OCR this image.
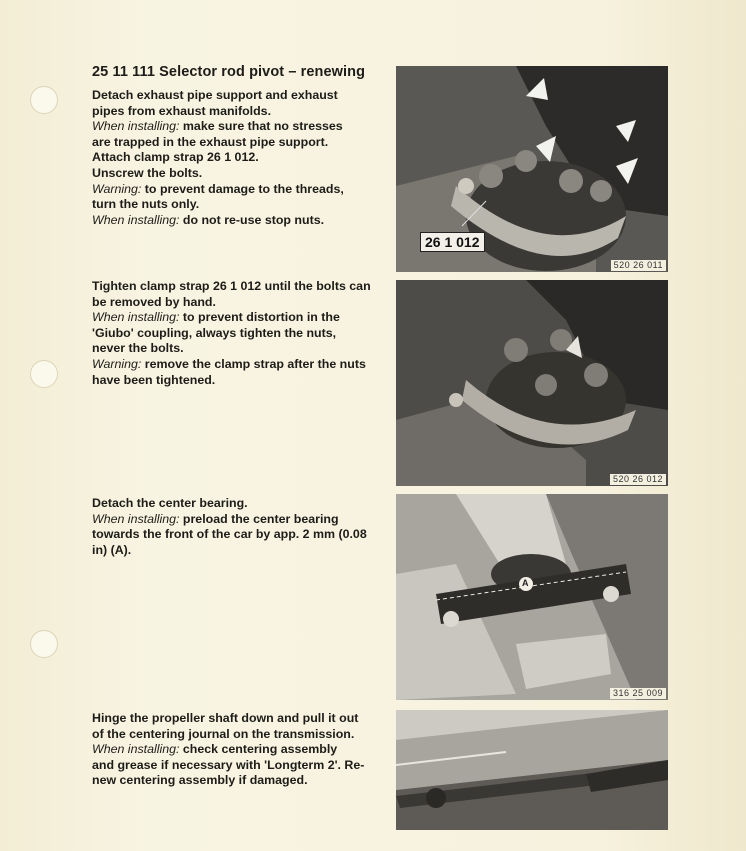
25 11 111 Selector rod pivot – renewing
Detach exhaust pipe support and exhaust
pipes from exhaust manifolds.
When installing: make sure that no stresses
are trapped in the exhaust pipe support.
Attach clamp strap 26 1 012.
Unscrew the bolts.
Warning: to prevent damage to the threads,
turn the nuts only.
When installing: do not re-use stop nuts.
Tighten clamp strap 26 1 012 until the bolts can
be removed by hand.
When installing: to prevent distortion in the
'Giubo' coupling, always tighten the nuts,
never the bolts.
Warning: remove the clamp strap after the nuts
have been tightened.
Detach the center bearing.
When installing: preload the center bearing
towards the front of the car by app. 2 mm (0.08
in) (A).
Hinge the propeller shaft down and pull it out
of the centering journal on the transmission.
When installing: check centering assembly
and grease if necessary with 'Longterm 2'. Re-
new centering assembly if damaged.
26 1 012
520 26 011
520 26 012
A
316 25 009
